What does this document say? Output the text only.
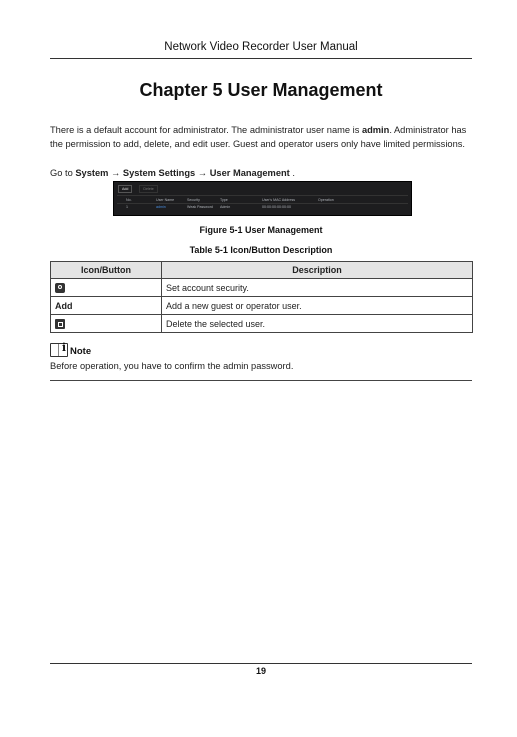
Network Video Recorder User Manual
Chapter 5 User Management

There is a default account for administrator. The administrator user name is admin. Administrator has the permission to add, delete, and edit user. Guest and operator users only have limited permissions.

Go to System → System Settings → User Management .

Add	Delete
No.	User Name	Security	Type	User's MAC Address	Operation
1	admin	Weak Password	Admin	00:00:00:00:00:00
Figure 5-1 User Management
Table 5-1 Icon/Button Description
Icon/Button	Description
	Set account security.
Add	Add a new guest or operator user.
	Delete the selected user.
i
Note

Before operation, you have to confirm the admin password.

19
